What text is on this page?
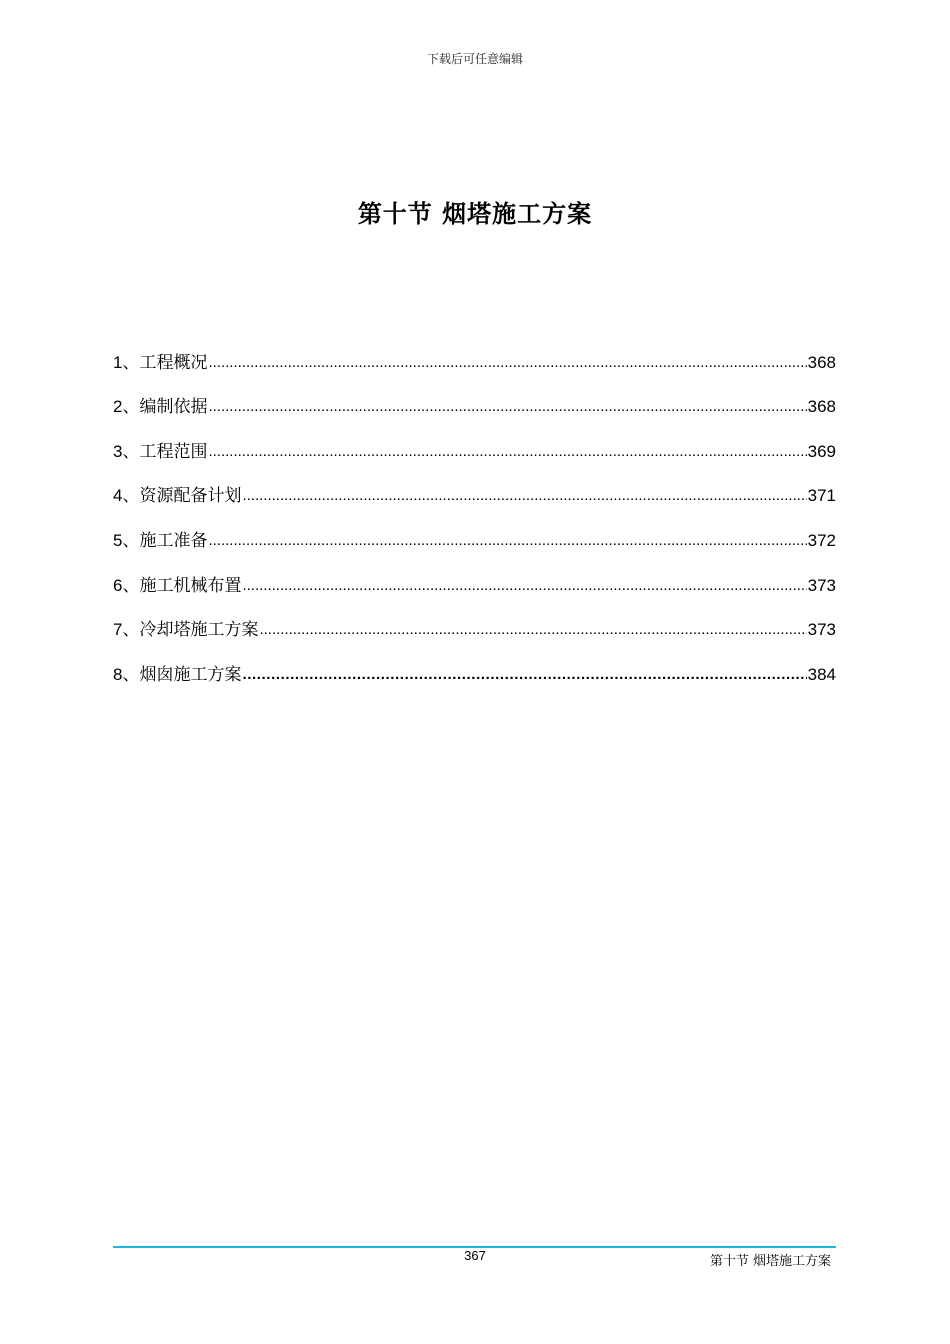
下载后可任意编辑
第十节 烟塔施工方案
1 、工程概况 .....	368
2 、编制依据 .....	368
3 、工程范围 .....	369
4 、资源配备计划 .....	371
5 、施工准备 .....	372
6 、施工机械布置 .....	373
7 、冷却塔施工方案 .....	373
8 、烟囱施工方案 .....	384
367	第十节 烟塔施工方案
